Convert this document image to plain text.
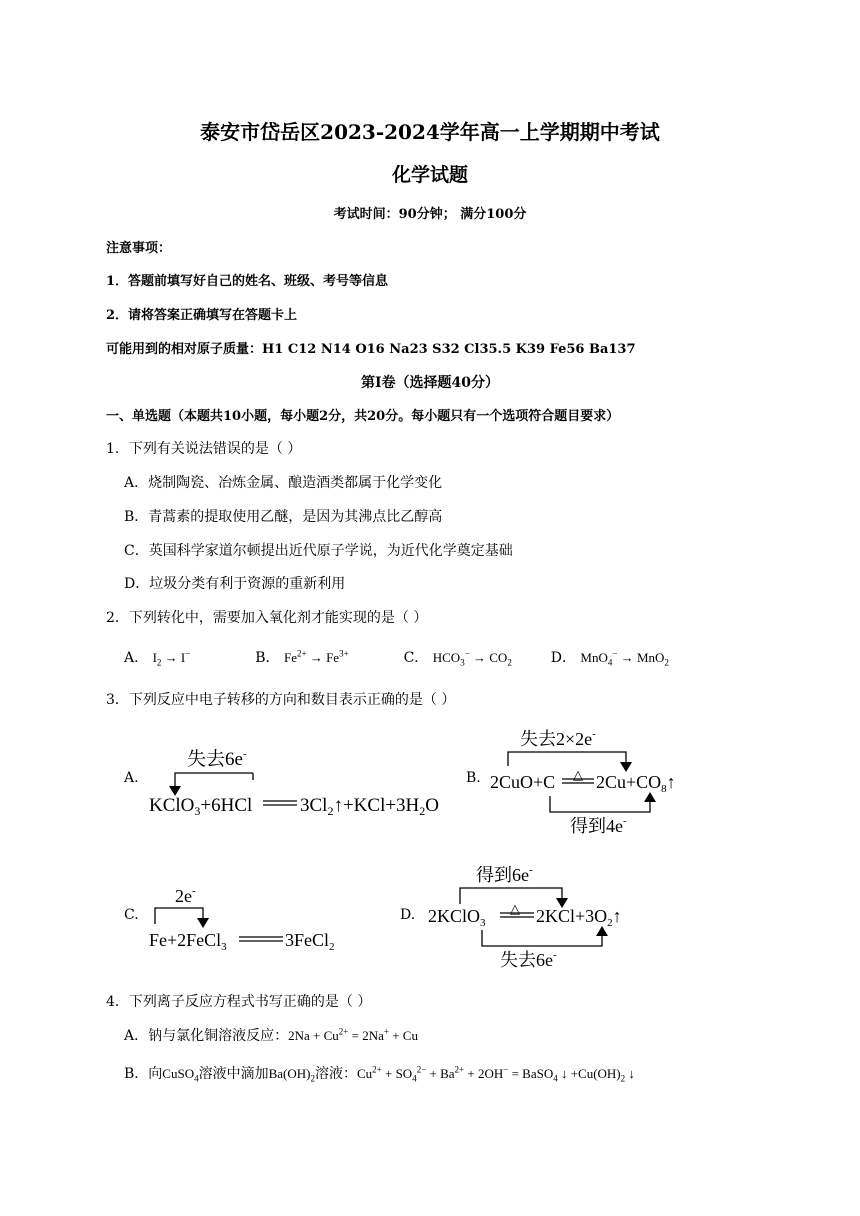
泰安市岱岳区2023-2024学年高一上学期期中考试
化学试题
考试时间：90分钟； 满分100分
注意事项：
1．答题前填写好自己的姓名、班级、考号等信息
2．请将答案正确填写在答题卡上
可能用到的相对原子质量：H1 C12 N14 O16 Na23 S32 Cl35.5 K39 Fe56 Ba137
第Ⅰ卷（选择题40分）
一、单选题（本题共10小题，每小题2分，共20分。每小题只有一个选项符合题目要求）
1．下列有关说法错误的是（ ）
A．烧制陶瓷、冶炼金属、酿造酒类都属于化学变化
B．青蒿素的提取使用乙醚，是因为其沸点比乙醇高
C．英国科学家道尔顿提出近代原子学说，为近代化学奠定基础
D．垃圾分类有利于资源的重新利用
2．下列转化中，需要加入氧化剂才能实现的是（ ）
A． $I_2 \to I^-$	B． $Fe^{2+} \to Fe^{3+}$	C． $HCO_3^- \to CO_2$	D． MnO$_4$− → MnO$_2$
3．下列反应中电子转移的方向和数目表示正确的是（ ）
A.
失去6e-
KClO$_3$+6HCl	$3Cl_2↑+KCl+3H_2O$
B.
失去2×2e-
△
2CuO+C $2Cu+CO_8↑$
得到4e-
C.
2e-
Fe+2FeCl$_3$	3FeCl$_2$
D.
得到6e-
△
2KClO$_3$	$2KCl+3O_2↑$
失去6e-
4．下列离子反应方程式书写正确的是（ ）
A．钠与氯化铜溶液反应：$2Na + Cu^{2+} = 2Na^+ + Cu$
B．向CuSO$_4$溶液中滴加$Ba(OH)_2$溶液：$Cu^{2+} + SO_4^{2-} + Ba^{2+} + 2OH^-$ = BaSO$_4$ ↓ $+Cu(OH)_2$ ↓
